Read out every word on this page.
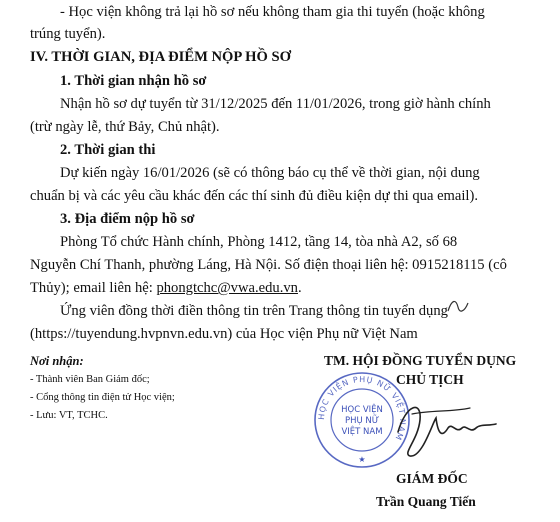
- Học viện không trả lại hồ sơ nếu không tham gia thi tuyển (hoặc không
trúng tuyển).
IV. THỜI GIAN, ĐỊA ĐIỂM NỘP HỒ SƠ
1. Thời gian nhận hồ sơ
Nhận hồ sơ dự tuyển từ 31/12/2025 đến 11/01/2026, trong giờ hành chính
(trừ ngày lễ, thứ Bảy, Chủ nhật).
2. Thời gian thi
Dự kiến ngày 16/01/2026 (sẽ có thông báo cụ thể về thời gian, nội dung
chuẩn bị và các yêu cầu khác đến các thí sinh đủ điều kiện dự thi qua email).
3. Địa điểm nộp hồ sơ
Phòng Tổ chức Hành chính, Phòng 1412, tầng 14, tòa nhà A2, số 68
Nguyễn Chí Thanh, phường Láng, Hà Nội. Số điện thoại liên hệ: 0915218115 (cô
Thủy); email liên hệ: phongtchc@vwa.edu.vn.
Ứng viên đồng thời điền thông tin trên Trang thông tin tuyển dụng
(https://tuyendung.hvpnvn.edu.vn) của Học viện Phụ nữ Việt Nam
Nơi nhận:
- Thành viên Ban Giám đốc;
- Cổng thông tin điện tử Học viện;
- Lưu: VT, TCHC.
TM. HỘI ĐỒNG TUYỂN DỤNG
CHỦ TỊCH
HỌC VIỆN PHỤ NỮ VIỆT NAM
HỌC VIỆN
PHỤ NỮ
VIỆT NAM
★
GIÁM ĐỐC
Trần Quang Tiến
